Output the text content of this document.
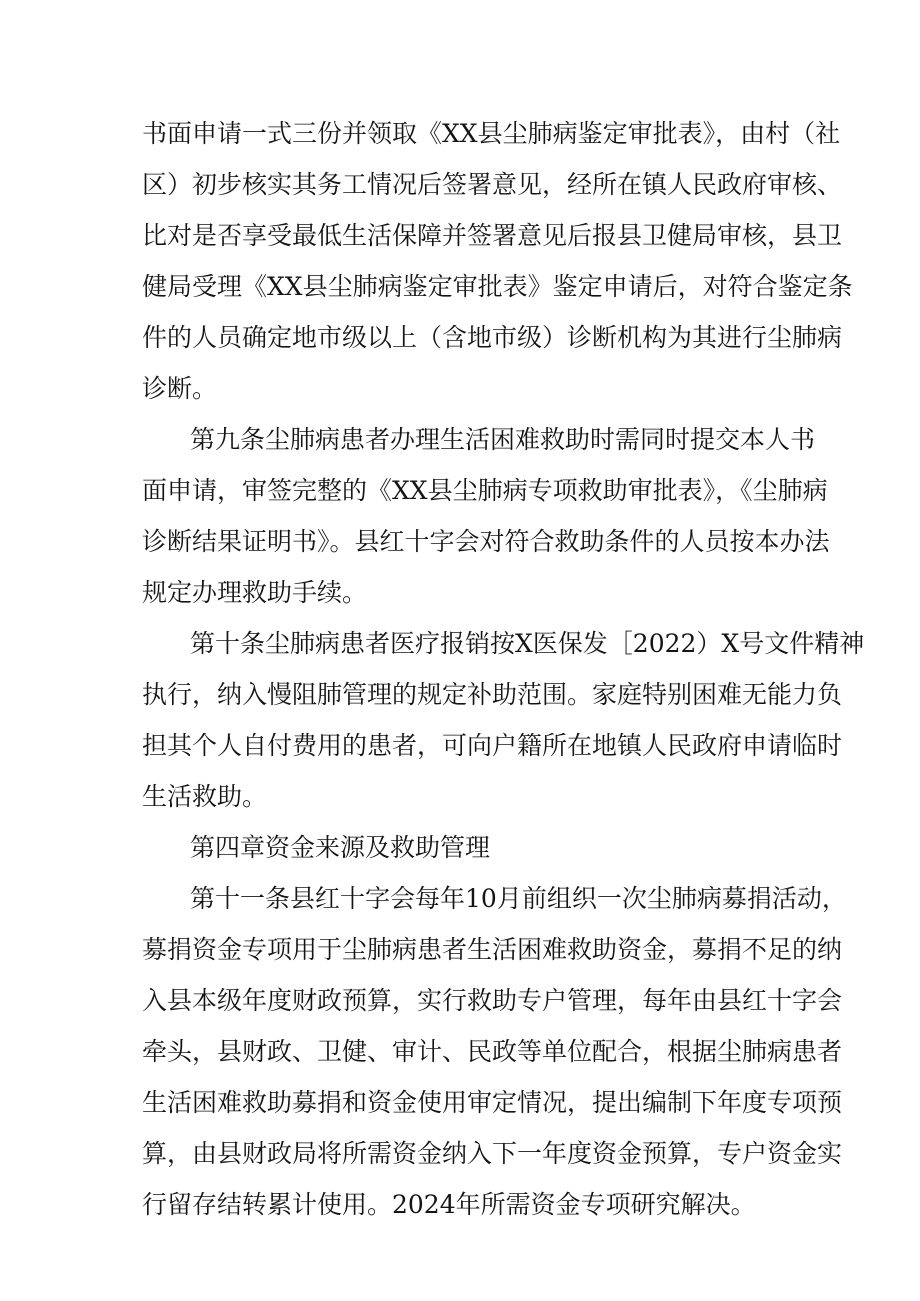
书面申请一式三份并领取《XX县尘肺病鉴定审批表》，由村（社

区）初步核实其务工情况后签署意见，经所在镇人民政府审核、

比对是否享受最低生活保障并签署意见后报县卫健局审核，县卫

健局受理《XX县尘肺病鉴定审批表》鉴定申请后，对符合鉴定条

件的人员确定地市级以上（含地市级）诊断机构为其进行尘肺病

诊断。

第九条尘肺病患者办理生活困难救助时需同时提交本人书

面申请，审签完整的《XX县尘肺病专项救助审批表》，《尘肺病

诊断结果证明书》。县红十字会对符合救助条件的人员按本办法

规定办理救助手续。

第十条尘肺病患者医疗报销按X医保发［2022）X号文件精神

执行，纳入慢阻肺管理的规定补助范围。家庭特别困难无能力负

担其个人自付费用的患者，可向户籍所在地镇人民政府申请临时

生活救助。

第四章资金来源及救助管理

第十一条县红十字会每年10月前组织一次尘肺病募捐活动，

募捐资金专项用于尘肺病患者生活困难救助资金，募捐不足的纳

入县本级年度财政预算，实行救助专户管理，每年由县红十字会

牵头，县财政、卫健、审计、民政等单位配合，根据尘肺病患者

生活困难救助募捐和资金使用审定情况，提出编制下年度专项预

算，由县财政局将所需资金纳入下一年度资金预算，专户资金实

行留存结转累计使用。2024年所需资金专项研究解决。
